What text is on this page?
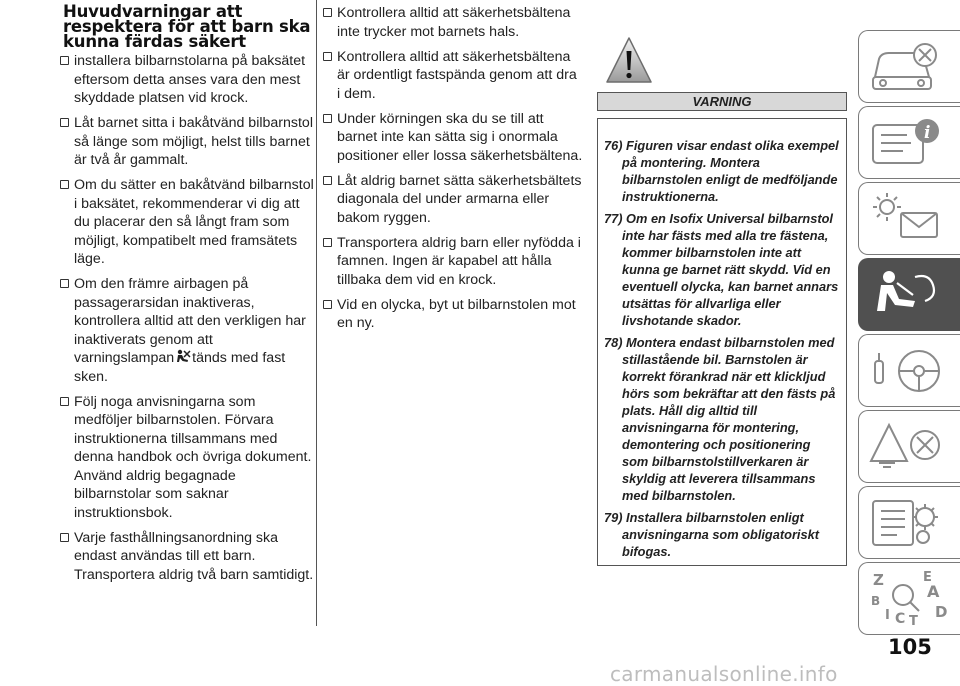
Huvudvarningar att respektera för att barn ska kunna färdas säkert
installera bilbarnstolarna på baksätet eftersom detta anses vara den mest skyddade platsen vid krock.
Låt barnet sitta i bakåtvänd bilbarnstol så länge som möjligt, helst tills barnet är två år gammalt.
Om du sätter en bakåtvänd bilbarnstol i baksätet, rekommenderar vi dig att du placerar den så långt fram som möjligt, kompatibelt med framsätets läge.
Om den främre airbagen på passagerarsidan inaktiveras, kontrollera alltid att den verkligen har inaktiverats genom att varningslampan tänds med fast sken.
Följ noga anvisningarna som medföljer bilbarnstolen. Förvara instruktionerna tillsammans med denna handbok och övriga dokument. Använd aldrig begagnade bilbarnstolar som saknar instruktionsbok.
Varje fasthållningsanordning ska endast användas till ett barn. Transportera aldrig två barn samtidigt.
Kontrollera alltid att säkerhetsbältena inte trycker mot barnets hals.
Kontrollera alltid att säkerhetsbältena är ordentligt fastspända genom att dra i dem.
Under körningen ska du se till att barnet inte kan sätta sig i onormala positioner eller lossa säkerhetsbältena.
Låt aldrig barnet sätta säkerhetsbältets diagonala del under armarna eller bakom ryggen.
Transportera aldrig barn eller nyfödda i famnen. Ingen är kapabel att hålla tillbaka dem vid en krock.
Vid en olycka, byt ut bilbarnstolen mot en ny.
VARNING
76) Figuren visar endast olika exempel på montering. Montera bilbarnstolen enligt de medföljande instruktionerna.
77) Om en Isofix Universal bilbarnstol inte har fästs med alla tre fästena, kommer bilbarnstolen inte att kunna ge barnet rätt skydd. Vid en eventuell olycka, kan barnet annars utsättas för allvarliga eller livshotande skador.
78) Montera endast bilbarnstolen med stillastående bil. Barnstolen är korrekt förankrad när ett klickljud hörs som bekräftar att den fästs på plats. Håll dig alltid till anvisningarna för montering, demontering och positionering som bilbarnstolstillverkaren är skyldig att leverera tillsammans med bilbarnstolen.
79) Installera bilbarnstolen enligt anvisningarna som obligatoriskt bifogas.
i
Z	E
A
B
I C T
D
105
carmanualsonline.info
